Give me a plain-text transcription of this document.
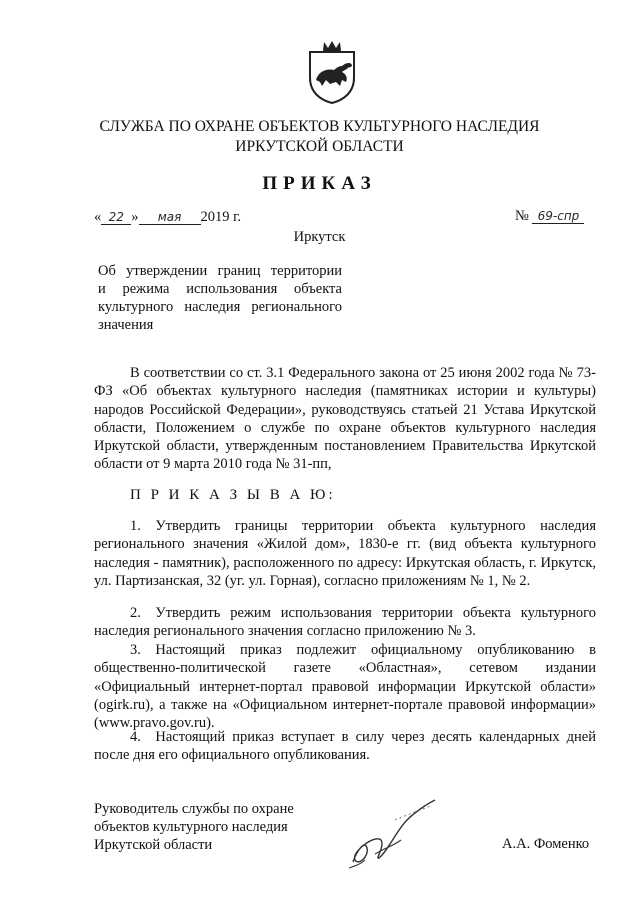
СЛУЖБА ПО ОХРАНЕ ОБЪЕКТОВ КУЛЬТУРНОГО НАСЛЕДИЯ
ИРКУТСКОЙ ОБЛАСТИ
ПРИКАЗ
« 22 » мая 2019 г.	№ 69-спр
Иркутск
Об утверждении границ территории
и режима использования объекта
культурного наследия регионального
значения

В соответствии со ст. 3.1 Федерального закона от 25 июня 2002 года № 73-ФЗ «Об объектах культурного наследия (памятниках истории и культуры) народов Российской Федерации», руководствуясь статьей 21 Устава Иркутской области, Положением о службе по охране объектов культурного наследия Иркутской области, утвержденным постановлением Правительства Иркутской области от 9 марта 2010 года № 31-пп,

П Р И К А З Ы В А Ю:

1. Утвердить границы территории объекта культурного наследия регионального значения «Жилой дом», 1830-е гг. (вид объекта культурного наследия - памятник), расположенного по адресу: Иркутская область, г. Иркутск, ул. Партизанская, 32 (уг. ул. Горная), согласно приложениям № 1, № 2.

2. Утвердить режим использования территории объекта культурного наследия регионального значения согласно приложению № 3.

3. Настоящий приказ подлежит официальному опубликованию в общественно-политической газете «Областная», сетевом издании «Официальный интернет-портал правовой информации Иркутской области» (ogirk.ru), а также на «Официальном интернет-портале правовой информации» (www.pravo.gov.ru).

4. Настоящий приказ вступает в силу через десять календарных дней после дня его официального опубликования.

Руководитель службы по охране
объектов культурного наследия
Иркутской области	А.А. Фоменко
